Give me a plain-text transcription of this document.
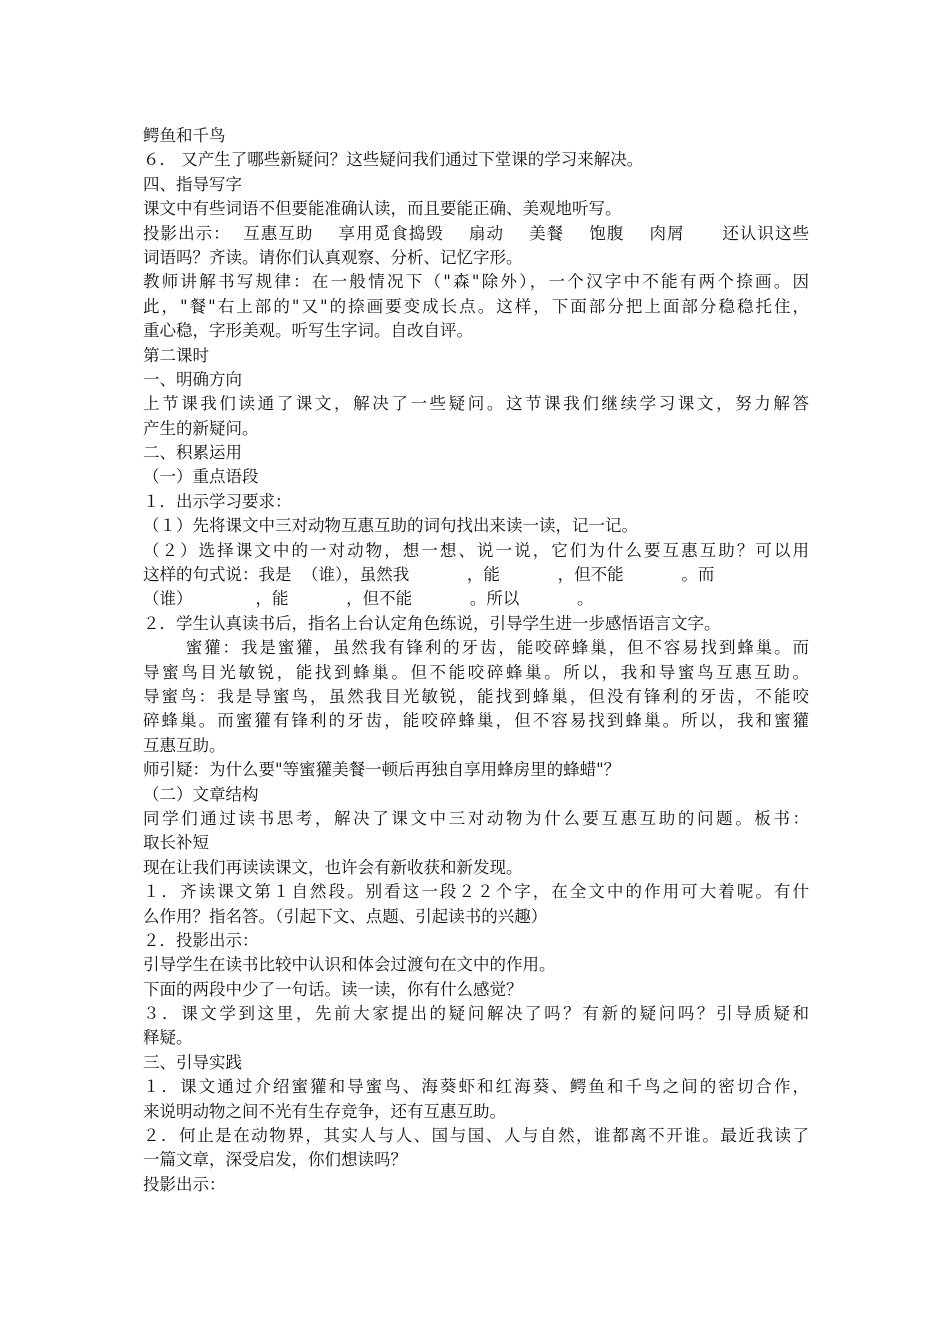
鳄鱼和千鸟
６． 又产生了哪些新疑问？这些疑问我们通过下堂课的学习来解决。
四、指导写字
课文中有些词语不但要能准确认读，而且要能正确、美观地听写。
投影出示：  互惠互助    享用觅食捣毁    扇动    美餐    饱腹    肉屑      还认识这些
词语吗？齐读。请你们认真观察、分析、记忆字形。
教师讲解书写规律：在一般情况下（"森"除外），一个汉字中不能有两个捺画。因
此，"餐"右上部的"又"的捺画要变成长点。这样，下面部分把上面部分稳稳托住，
重心稳，字形美观。听写生字词。自改自评。
第二课时
一、明确方向
上节课我们读通了课文，解决了一些疑问。这节课我们继续学习课文，努力解答
产生的新疑问。
二、积累运用
（一）重点语段
１．出示学习要求：
（１）先将课文中三对动物互惠互助的词句找出来读一读，记一记。
（２）选择课文中的一对动物，想一想、说一说，它们为什么要互惠互助？可以用
这样的句式说：我是  （谁），虽然我           ，能           ，但不能           。而
（谁）            ，能           ，但不能           。所以           。
２．学生认真读书后，指名上台认定角色练说，引导学生进一步感悟语言文字。
蜜獾：我是蜜獾，虽然我有锋利的牙齿，能咬碎蜂巢，但不容易找到蜂巢。而
导蜜鸟目光敏锐，能找到蜂巢。但不能咬碎蜂巢。所以，我和导蜜鸟互惠互助。
导蜜鸟：我是导蜜鸟，虽然我目光敏锐，能找到蜂巢，但没有锋利的牙齿，不能咬
碎蜂巢。而蜜獾有锋利的牙齿，能咬碎蜂巢，但不容易找到蜂巢。所以，我和蜜獾
互惠互助。
师引疑：为什么要"等蜜獾美餐一顿后再独自享用蜂房里的蜂蜡"？
（二）文章结构
同学们通过读书思考，解决了课文中三对动物为什么要互惠互助的问题。板书：
取长补短
现在让我们再读读课文，也许会有新收获和新发现。
１．齐读课文第１自然段。别看这一段２２个字，在全文中的作用可大着呢。有什
么作用？指名答。（引起下文、点题、引起读书的兴趣）
２．投影出示：
引导学生在读书比较中认识和体会过渡句在文中的作用。
下面的两段中少了一句话。读一读，你有什么感觉？
３．课文学到这里，先前大家提出的疑问解决了吗？有新的疑问吗？引导质疑和
释疑。
三、引导实践
１．课文通过介绍蜜獾和导蜜鸟、海葵虾和红海葵、鳄鱼和千鸟之间的密切合作，
来说明动物之间不光有生存竞争，还有互惠互助。
２．何止是在动物界，其实人与人、国与国、人与自然，谁都离不开谁。最近我读了
一篇文章，深受启发，你们想读吗？
投影出示：
